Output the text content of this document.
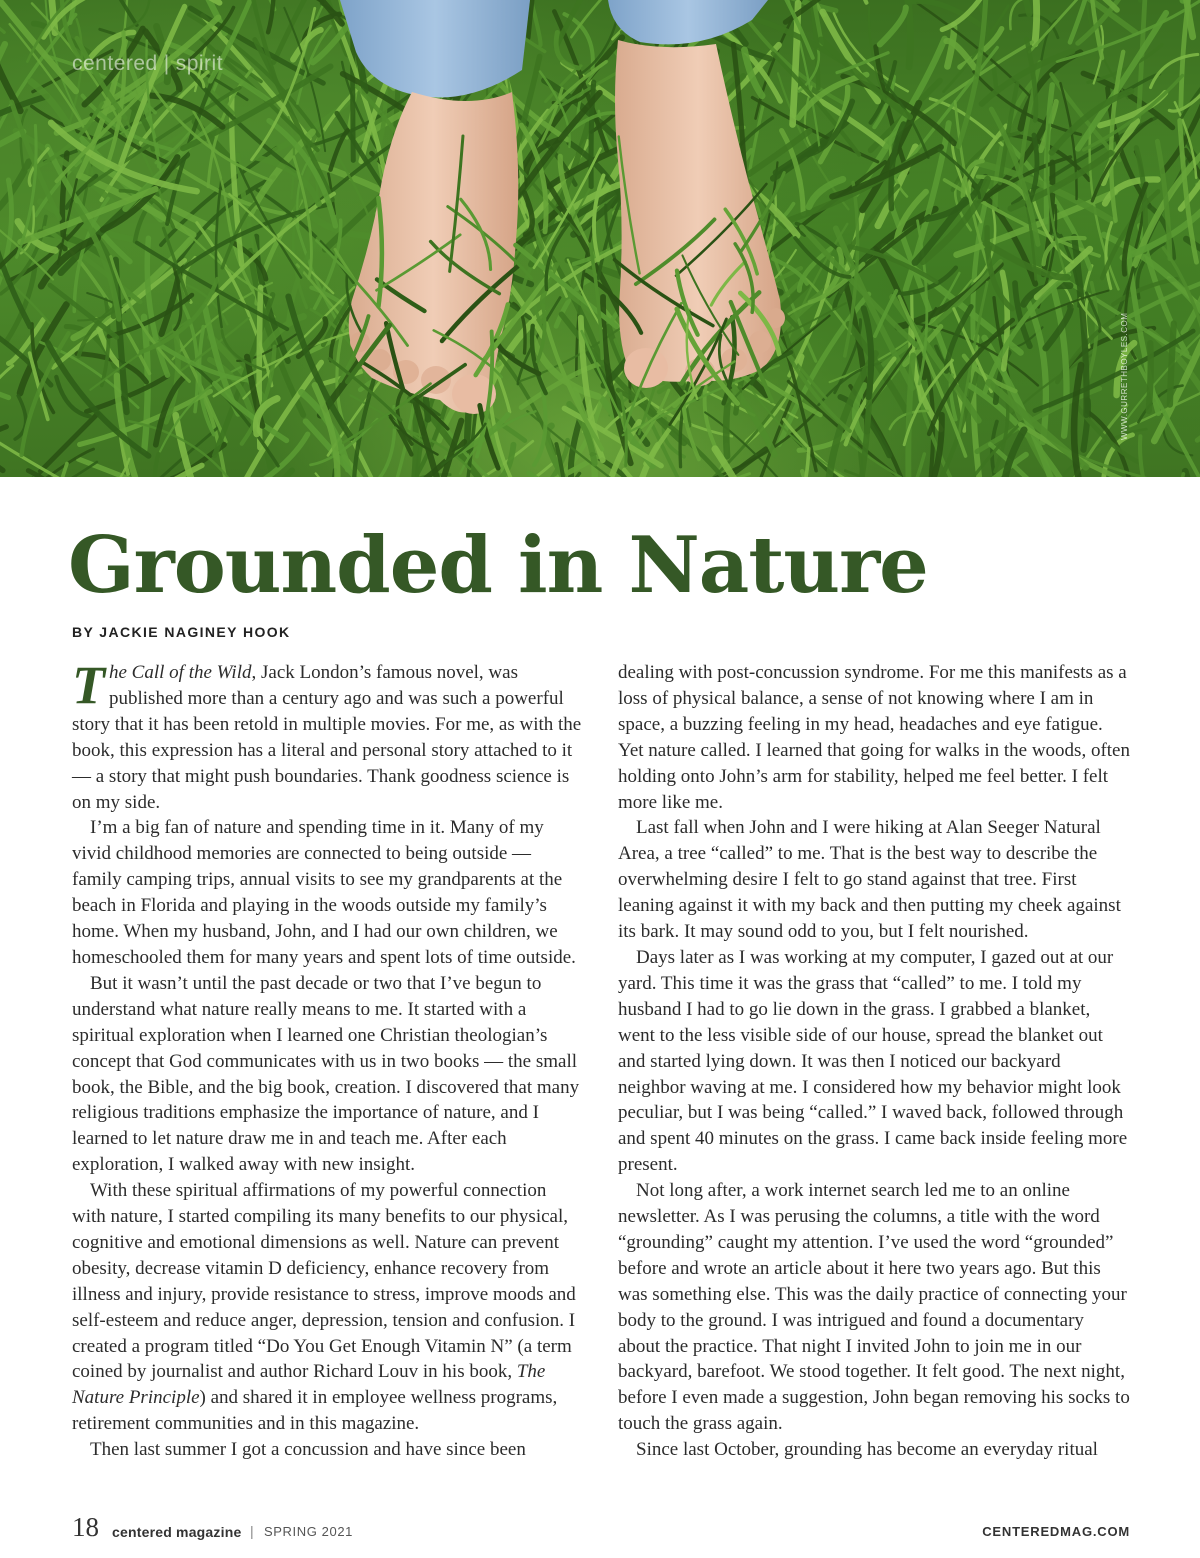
centered | spirit
WWW.GURRETHBOYLES.COM
Grounded in Nature
BY JACKIE NAGINEY HOOK

The Call of the Wild, Jack London’s famous novel, was published more than a century ago and was such a powerful story that it has been retold in multiple movies. For me, as with the book, this expression has a literal and personal story attached to it — a story that might push boundaries. Thank goodness science is on my side.

I’m a big fan of nature and spending time in it. Many of my vivid childhood memories are connected to being outside — family camping trips, annual visits to see my grandparents at the beach in Florida and playing in the woods outside my family’s home. When my husband, John, and I had our own children, we homeschooled them for many years and spent lots of time outside.

But it wasn’t until the past decade or two that I’ve begun to understand what nature really means to me. It started with a spiritual exploration when I learned one Christian theologian’s concept that God communicates with us in two books — the small book, the Bible, and the big book, creation. I discovered that many religious traditions emphasize the importance of nature, and I learned to let nature draw me in and teach me. After each exploration, I walked away with new insight.

With these spiritual affirmations of my powerful connection with nature, I started compiling its many benefits to our physical, cognitive and emotional dimensions as well. Nature can prevent obesity, decrease vitamin D deficiency, enhance recovery from illness and injury, provide resistance to stress, improve moods and self-esteem and reduce anger, depression, tension and confusion. I created a program titled “Do You Get Enough Vitamin N” (a term coined by journalist and author Richard Louv in his book, The Nature Principle) and shared it in employee wellness programs, retirement communities and in this magazine.

Then last summer I got a concussion and have since been

dealing with post-concussion syndrome. For me this manifests as a loss of physical balance, a sense of not knowing where I am in space, a buzzing feeling in my head, headaches and eye fatigue. Yet nature called. I learned that going for walks in the woods, often holding onto John’s arm for stability, helped me feel better. I felt more like me.

Last fall when John and I were hiking at Alan Seeger Natural Area, a tree “called” to me. That is the best way to describe the overwhelming desire I felt to go stand against that tree. First leaning against it with my back and then putting my cheek against its bark. It may sound odd to you, but I felt nourished.

Days later as I was working at my computer, I gazed out at our yard. This time it was the grass that “called” to me. I told my husband I had to go lie down in the grass. I grabbed a blanket, went to the less visible side of our house, spread the blanket out and started lying down. It was then I noticed our backyard neighbor waving at me. I considered how my behavior might look peculiar, but I was being “called.” I waved back, followed through and spent 40 minutes on the grass. I came back inside feeling more present.

Not long after, a work internet search led me to an online newsletter. As I was perusing the columns, a title with the word “grounding” caught my attention. I’ve used the word “grounded” before and wrote an article about it here two years ago. But this was something else. This was the daily practice of connecting your body to the ground. I was intrigued and found a documentary about the practice. That night I invited John to join me in our backyard, barefoot. We stood together. It felt good. The next night, before I even made a suggestion, John began removing his socks to touch the grass again.

Since last October, grounding has become an everyday ritual

18 centered magazine | SPRING 2021	CENTEREDMAG.COM
